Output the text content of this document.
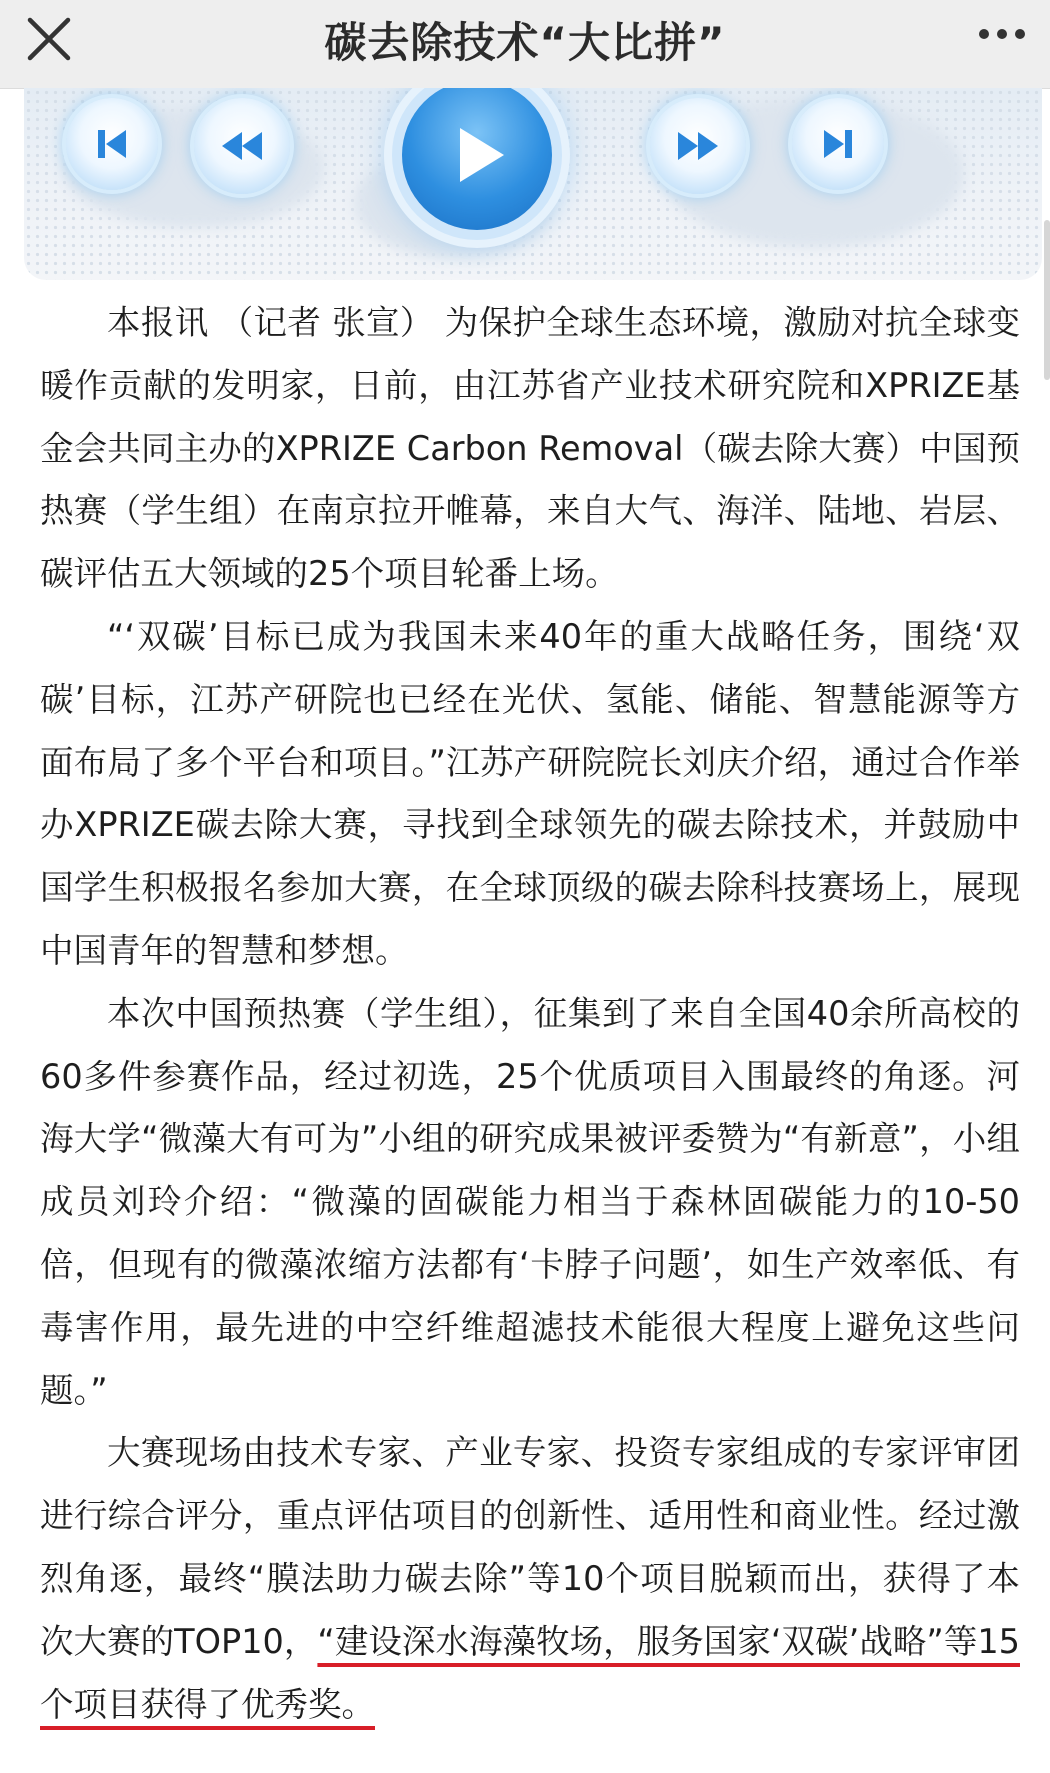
碳去除技术“大比拼”

本报讯 （记者 张宣） 为保护全球生态环境，激励对抗全球变暖作贡献的发明家，日前，由江苏省产业技术研究院和XPRIZE基金会共同主办的XPRIZE Carbon Removal（碳去除大赛）中国预热赛（学生组）在南京拉开帷幕，来自大气、海洋、陆地、岩层、碳评估五大领域的25个项目轮番上场。

“‘双碳’目标已成为我国未来40年的重大战略任务，围绕‘双碳’目标，江苏产研院也已经在光伏、氢能、储能、智慧能源等方面布局了多个平台和项目。”江苏产研院院长刘庆介绍，通过合作举办XPRIZE碳去除大赛，寻找到全球领先的碳去除技术，并鼓励中国学生积极报名参加大赛，在全球顶级的碳去除科技赛场上，展现中国青年的智慧和梦想。

本次中国预热赛（学生组），征集到了来自全国40余所高校的60多件参赛作品，经过初选，25个优质项目入围最终的角逐。河海大学“微藻大有可为”小组的研究成果被评委赞为“有新意”，小组成员刘玲介绍：“微藻的固碳能力相当于森林固碳能力的10-50倍，但现有的微藻浓缩方法都有‘卡脖子问题’，如生产效率低、有毒害作用，最先进的中空纤维超滤技术能很大程度上避免这些问题。”

大赛现场由技术专家、产业专家、投资专家组成的专家评审团进行综合评分，重点评估项目的创新性、适用性和商业性。经过激烈角逐，最终“膜法助力碳去除”等10个项目脱颖而出，获得了本次大赛的TOP10，“建设深水海藻牧场，服务国家‘双碳’战略”等15个项目获得了优秀奖。
